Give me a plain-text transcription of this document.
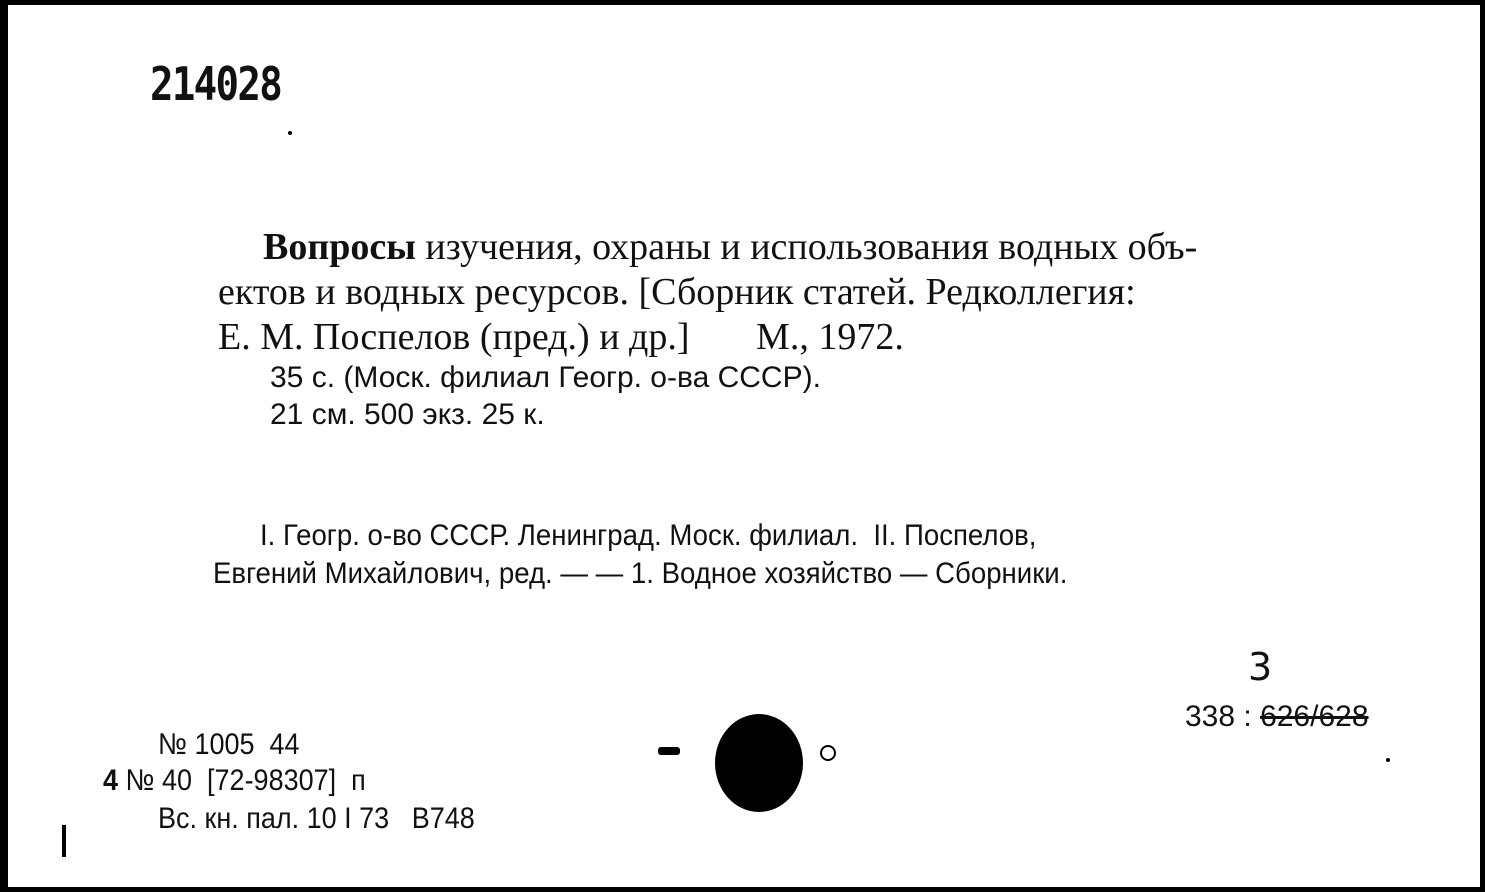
214028
Вопросы изучения, охраны и использования водных объ-
ектов и водных ресурсов. [Сборник статей. Редколлегия:
Е. М. Поспелов (пред.) и др.]       М., 1972.
35 с. (Моск. филиал Геогр. о-ва СССР).
21 см. 500 экз. 25 к.
I. Геогр. о-во СССР. Ленинград. Моск. филиал.  II. Поспелов,
Евгений Михайлович, ред. — — 1. Водное хозяйство — Сборники.
3
338 : 626/628
№ 1005  44
4 № 40  [72-98307]  п
Вс. кн. пал. 10 I 73   В748
